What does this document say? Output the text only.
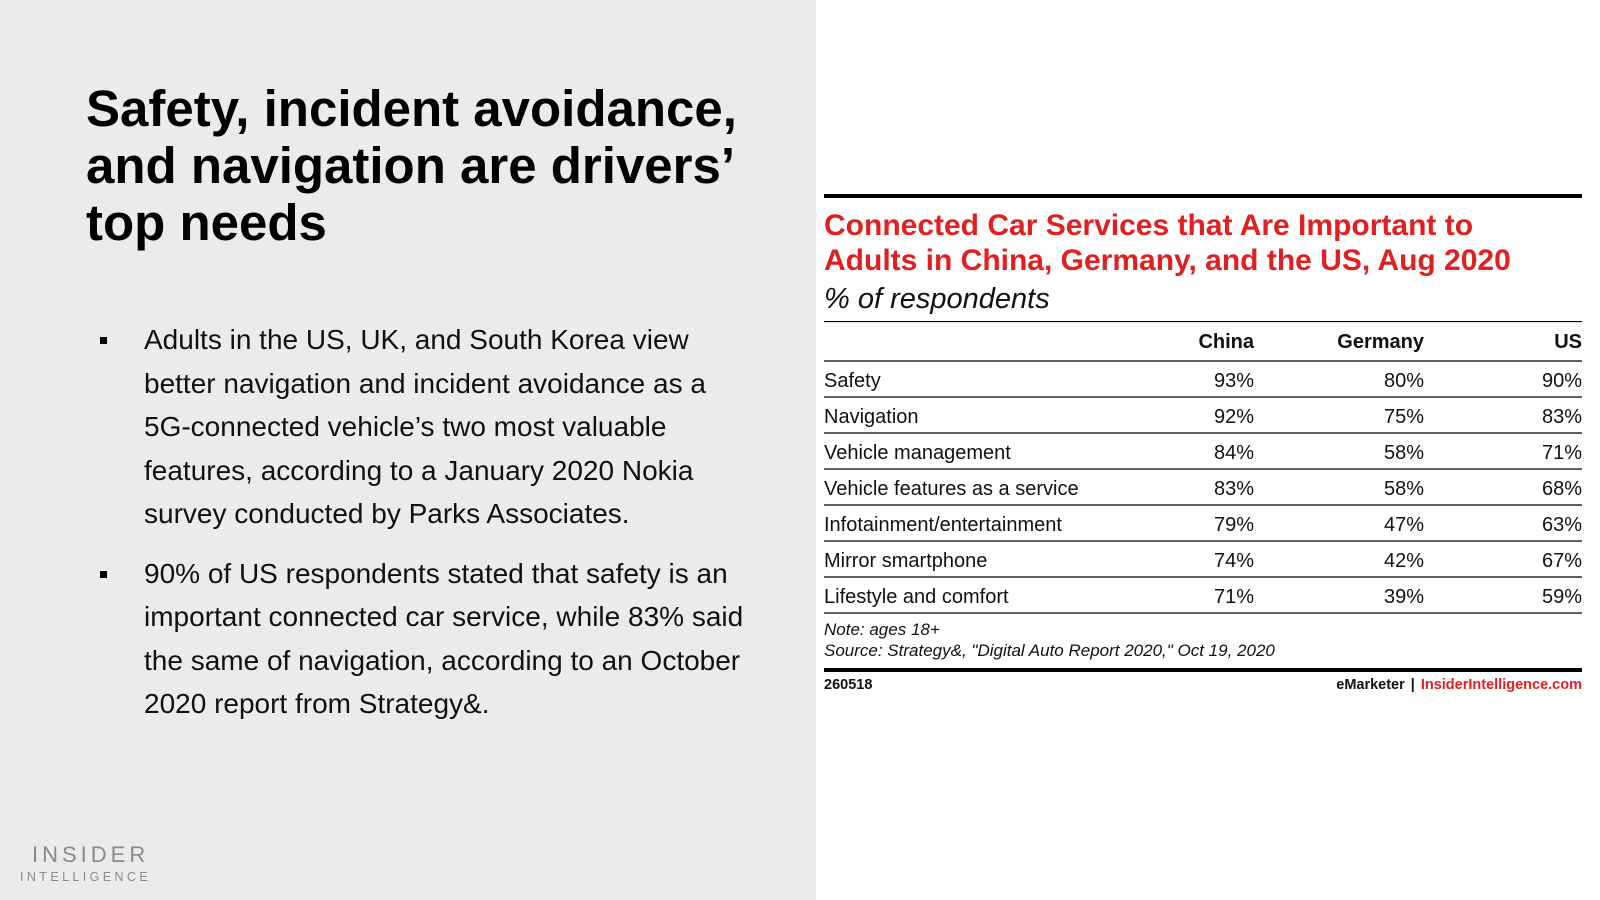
Safety, incident avoidance, and navigation are drivers’ top needs
Adults in the US, UK, and South Korea view better navigation and incident avoidance as a 5G-connected vehicle’s two most valuable features, according to a January 2020 Nokia survey conducted by Parks Associates.
90% of US respondents stated that safety is an important connected car service, while 83% said the same of navigation, according to an October 2020 report from Strategy&.
INSIDER
INTELLIGENCE
Connected Car Services that Are Important to Adults in China, Germany, and the US, Aug 2020
% of respondents
China	Germany	US
Safety	93%	80%	90%
Navigation	92%	75%	83%
Vehicle management	84%	58%	71%
Vehicle features as a service	83%	58%	68%
Infotainment/entertainment	79%	47%	63%
Mirror smartphone	74%	42%	67%
Lifestyle and comfort	71%	39%	59%
Note: ages 18+
Source: Strategy&, "Digital Auto Report 2020," Oct 19, 2020
260518	eMarketer | InsiderIntelligence.com
